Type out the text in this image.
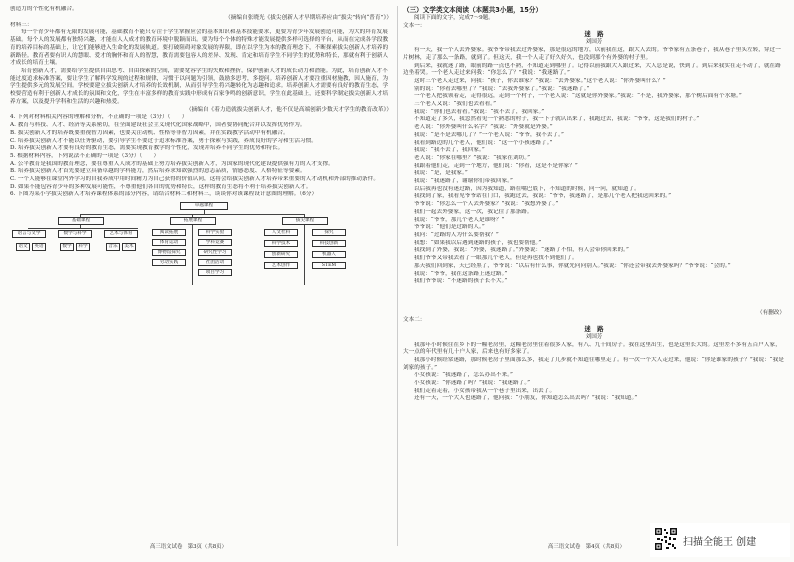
创造力的个性化有机融合。

（摘编自张晓光《拔尖创新人才早期培养应由“拔尖”转向“普育”》）

材料三：

每一个青少年都有无限的发展可能，基础教育不能只专注于学生掌握应会的基本知识和基本技能要求，更要为青少年发展创造可能，为大的拜育发展基础。每个人的发展都有独特兴趣，才能在人人成才的教育环境中脱颖而出。要为每个个体的特殊才能发展提供多样可选择的平台，从而在完成各学段教育的培养目标的基础上，让它们能够进入生命化的发展轨道。要打破阻碍对象发展的界限，即在以学生为本的教育理念下，不断探索拔尖创新人才培养的新路径。教育者要有识人的慧眼、爱才的胸怀和育人的智慧，教育需要包容人的差异、发现、肯定和培育学生不同学生的优势和特长，那就有利于创新人才成长的培育土壤。

培育创新人才，需要给学生提供自由思考、自由探索的空间，需要宽容学生的失败和挫折，保护创新人才的成长动力和潜能。为此，培育创新人才不能过度追求标准答案，要让学生了解科学发现的过程和规律，习惯于以问题为引领，鼓励多思考，多提问。培养创新人才要注重因材施教，因人施育，为学生提供多元的发展空间。学校要建立拔尖创新人才培养的长效机制，从而引导学生将兴趣转化为志趣和追求。培养创新人才需要有良好的教育生态，学校要营造有利于创新人才成长的氛围和文化，学生在丰富多样的教育实践中形成有百家争鸣的创新意识，学生在此基础上，还要科学制定拔尖创新人才培养方案，以及提升学科和生活的兴趣和热爱。

（摘编自《着力造就拔尖创新人才，他不仅是高端创新少数天才学生的教育改革》）

4. 下列对材料相关内容的理解和分析，不正确的一项是（3分）（　　）

A. 教育与科技、人才、经济等关系密切，在全面建设社会主义现代化国家战略中，国者要协同配合并以发挥优势作为。

B. 拔尖创新人才的培养既要重视智力因素，也要关注动机、性格等非智力因素，并在实践教学活动中有机融合。

C. 培养拔尖创新人才不能以任务驱动，要引导学生不要过于追求标准答案，勇于探索与实践，养成良好的学习和生活习惯。

D. 培养拔尖创新人才要有良好的教育生态，需要实现教育教学的个性化，发现并培养不同学生的优势和特长。

5. 根据材料内容，下列说法不正确的一项是（3分）（　　）

A. 公平教育是我国的教育理念，要在尊重人人成才的基础上努力培养拔尖创新人才，为国家的现代化建设提供强有力的人才支撑。

B. 培养拔尖创新人才首先要建立具备卓越的学科能力，然后培养求知欲强烈的意志品质，情感态度、人格特征等要素。

C. 一个人能够在课堂内外学习的自我养成中用时间精力为自己获得的价值认同，这将会给拔尖创新人才培养带来重要的人才动机和外部的推动条件。

D. 如果不能包容青少年的多种发展可能性，不尊重他们各自的优势和特长，这样的教育生态将不利于培养拔尖创新人才。

6. 下图为某小学拔尖创新人才培养课程体系的部分内容，请结合材料二和材料三，谈谈你对该课程设计意图的理解。（6分）

卓越课程
基础课程	拓展课程	拔尖课程
语言与文学	数学与科学	艺术与体育
语文	英语	数学	科学	音乐	美术
阅读拓展	科学实验
体育运动	学科竞赛
博物馆探究	研究性学习
劳动实践	社团活动
项目学习
人文社科
科学技术
创新研究
艺术创作
探究
科技创新
机器人
STEM
高三语文试卷　第3页（共8页）

（三）文学类文本阅读（本题共3小题，15分）

阅读下面的文字，完成7～9题。

文本一：

迷　路

刘国芳

有一天，我一个人去外婆家。我爷爷带我去过外婆家，那是很远的地方，以前我在这，跟大人去的。爷爷家有五条巷子，我从巷子里头左转，穿过一片树林，走了那么一条路，就到了。但这天，我一个人走了好久好久，也没到那个有外婆的村子里。

到后来，我就迷了路，眼前的路一点也不熟，不知道走到哪里了。记得以前我跟大人跟过来，大人总是说，快到了。到后来我实在走不动了，就在路边坐着哭。一个老人走过来问我：“你怎么了？”我说：“我迷路了。”

这时三个老人走过来，问我：“孩子，你去谁家？”我说：“去外婆家。”这个老人说：“你外婆叫什么？”

别的说：“你看去哪里了？”我说：“去我外婆家了。”我说：“我迷路了。”

一个老人把我领着走，走得很远，走到一个村子，一个老人说：“这就是你外婆家。”我说：“不是，我外婆家，那个树后面有个水塘。”

三个老人又说：“我们也去看看。”

我说：“你们也去看看。”我说：“我不去了，我回家。”

不知道走了多久，我忽然看见一个熟悉的村子，我一下子就认出来了，我跑过去，我说：“爷爷，这是我们的村子。”

老人说：“你外婆叫什么名字？”我说：“外婆就是外婆。”

我说：“是不是去哪儿了？”一个老人说：“爷爷，我不去了。”

我看到路边的几个老人，他们说：“这一个小孩迷路了。”

我说：“我不去了，我回家。”

老人说：“你家在哪里？”我说：“我家在刘坊。”

我跟着他们走，走到一个地方，他们说：“你看，这是不是你家？”

我说：“是，是我家。”

我说：“我迷路了，谢谢你们带我回家。”

以后我再也没有迷过路，因为我知道，路在嘴巴底下，不知道的时候，问一问，就知道了。

我找到了家，我看见爷爷站在门口，我跑过去，我说：“爷爷，我迷路了，是那几个老人把我送回来的。”

爷爷说：“你怎么一个人去外婆家？”我说：“我想外婆了。”

我们一起去外婆家，这一次，我记住了那条路。

我说：“爷爷，那几个老人是谁呀？”

爷爷说：“他们是过路的人。”

我问：“过路的人为什么要帮我？”

我想：“如果我以后遇到迷路的孩子，我也要帮他。”

我找到了外婆，我说：“外婆，我迷路了。”外婆说：“迷路了不怕，有人会带你回来的。”

我们爷爷又带我去看了一眼那几个老人，但是再也找不到他们了。

那天我们回到家，天已经黑了，爷爷说：“以后有什么事，你就先问问别人。”我说：“你还会带我去外婆家吗？”爷爷说：“会的。”

我说：“爷爷，我在这条路上迷过路。”

我们爷爷说：“不迷路的孩子长不大。”

（有删改）

文本二：

迷　路

刘国芳

我那年小时候住在乡下的一幢老房里，这幢老房里住着很多人家，有八、九十间房子。我在这里出生，也是这里长大的。这里差不多有五百户人家，大一点的年代里有几十户人家，后来也有好多家了。

我那小时候经常迷路，那时候老房子里面那么多，我走了几步就不知道往哪里走了。有一次一个大人走过来，他说：“你是谁家的孩子？”我说：“我是刘家的孩子。”

小女孩说：“我迷路了，怎么办出不来。”

小女孩说：“你迷路了吗？”我说：“我迷路了。”

我们走着走着，小女孩带我从一个巷子里出来，出去了。

还有一天，一个大人也迷路了，他问我：“小朋友，你知道怎么出去吗？”我说：“我知道。”

高三语文试卷　第4页（共8页）	扫描全能王 创建
